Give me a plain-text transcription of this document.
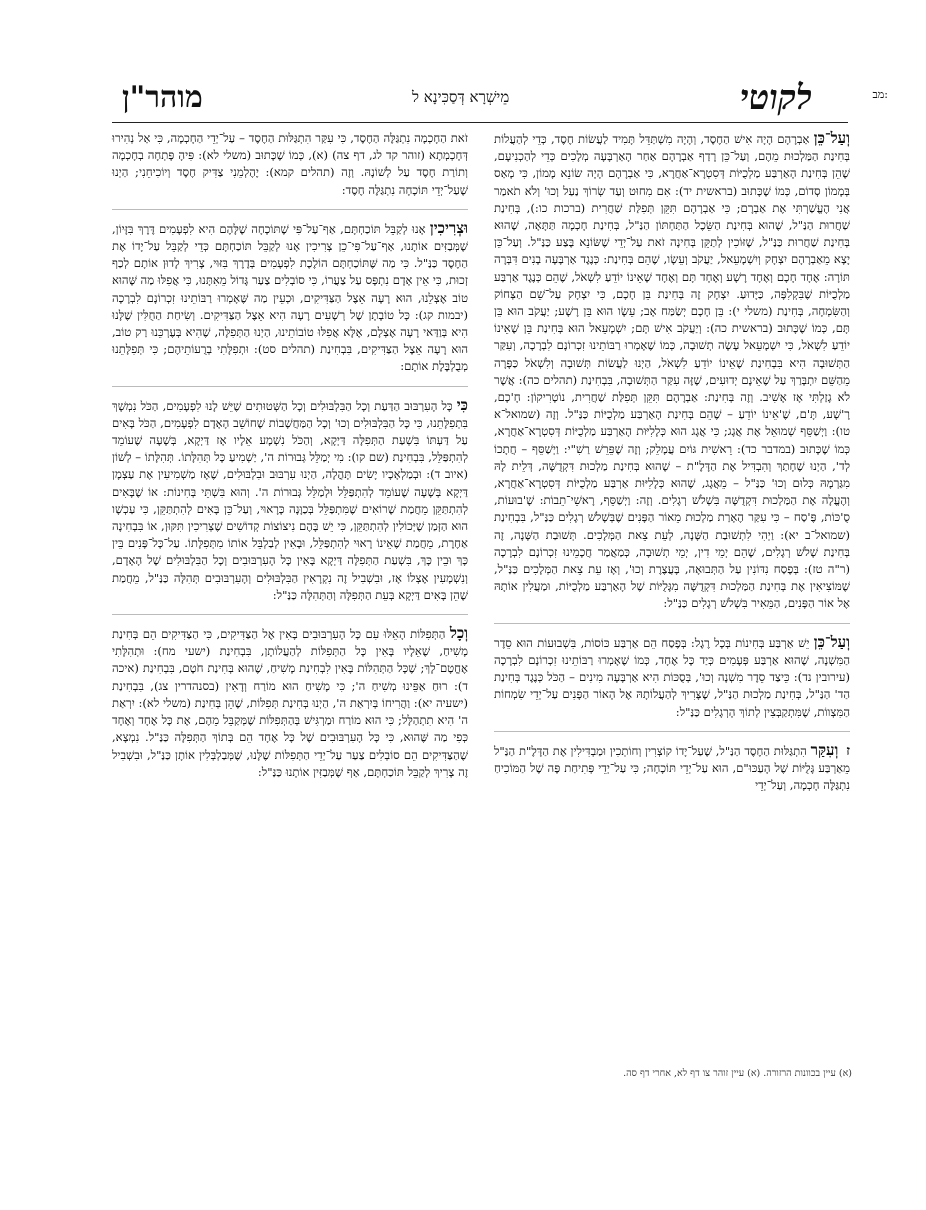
מב:
לקוטי
מֵישְׁרָא דְּסַכִּינָא ל
מוהר"ן

וְעַל־כֵּן אַבְרָהָם הָיָה אִישׁ הַחֶסֶד, וְהָיָה מִשְׁתַּדֵּל תָּמִיד לַעֲשׂוֹת חֶסֶד, כְּדֵי לְהַעֲלוֹת בְּחִינַת הַמַּלְכוּת מֵהֶם, וְעַל־כֵּן רָדַף אַבְרָהָם אַחַר הָאַרְבָּעָה מְלָכִים כְּדֵי לְהַכְנִיעָם, שֶׁהֵן בְּחִינַת הָאַרְבַּע מַלְכֻיּוֹת דְּסִטְרָא־אַחֲרָא, כִּי אַבְרָהָם הָיָה שׂוֹנֵא מָמוֹן, כִּי מָאַס בְּמָמוֹן סְדוֹם, כְּמוֹ שֶׁכָּתוּב (בראשית יד): אִם מִחוּט וְעַד שְׂרוֹךְ נַעַל וְכוּ' וְלֹא תֹאמַר אֲנִי הֶעֱשַׁרְתִּי אֶת אַבְרָם; כִּי אַבְרָהָם תִּקֵּן תְּפִלַּת שַׁחֲרִית (ברכות כו:), בְּחִינַת שַׁחֲרוּת הַנַּ"ל, שֶׁהוּא בְּחִינַת הַשֵּׂכֶל הַתַּחְתּוֹן הַנַּ"ל, בְּחִינַת חָכְמָה תַּתָּאָה, שֶׁהוּא בְּחִינַת שַׁחֲרוּת כַּנַּ"ל, שֶׁזּוֹכִין לְתַקֵּן בְּחִינָה זֹאת עַל־יְדֵי שֶׁשּׂוֹנֵא בֶּצַע כַּנַּ"ל. וְעַל־כֵּן יָצָא מֵאַבְרָהָם יִצְחָק וְיִשְׁמָעֵאל, יַעֲקֹב וְעֵשָׂו, שֶׁהֵם בְּחִינַת: כְּנֶגֶד אַרְבָּעָה בָנִים דִּבְּרָה תּוֹרָה: אֶחָד חָכָם וְאֶחָד רָשָׁע וְאֶחָד תָּם וְאֶחָד שֶׁאֵינוֹ יוֹדֵעַ לִשְׁאֹל, שֶׁהֵם כְּנֶגֶד אַרְבַּע מַלְכֻיּוֹת שֶׁבִּקְלִפָּה, כַּיָּדוּעַ. יִצְחָק זֶה בְּחִינַת בֵּן חָכָם, כִּי יִצְחָק עַל־שֵׁם הַצְּחוֹק וְהַשִּׂמְחָה, בְּחִינַת (משלי י): בֵּן חָכָם יְשַׂמַּח אָב; עֵשָׂו הוּא בֵּן רָשָׁע; יַעֲקֹב הוּא בֵּן תָּם, כְּמוֹ שֶׁכָּתוּב (בראשית כה): וְיַעֲקֹב אִישׁ תָּם; יִשְׁמָעֵאל הוּא בְּחִינַת בֵּן שֶׁאֵינוֹ יוֹדֵעַ לִשְׁאֹל, כִּי יִשְׁמָעֵאל עָשָׂה תְשׁוּבָה, כְּמוֹ שֶׁאָמְרוּ רַבּוֹתֵינוּ זִכְרוֹנָם לִבְרָכָה, וְעִקַּר הַתְּשׁוּבָה הִיא בִּבְחִינַת שֶׁאֵינוֹ יוֹדֵעַ לִשְׁאֹל, הַיְנוּ לַעֲשׂוֹת תְּשׁוּבָה וְלִשְׁאֹל כַּפָּרָה מֵהַשֵּׁם יִתְבָּרַךְ עַל שֶׁאֵינָם יְדוּעִים, שֶׁזֶּה עִקַּר הַתְּשׁוּבָה, בִּבְחִינַת (תהלים כה): אֲשֶׁר לֹא גָזַלְתִּי אָז אָשִׁיב. וְזֶה בְּחִינַת: אַבְרָהָם תִּקֵּן תְּפִלַּת שַׁחֲרִית, נוֹטָרִיקוֹן: חָ'כָם, רָ'שָׁע, תָּ'ם, שֶׁ'אֵינוֹ יוֹדֵעַ – שֶׁהֵם בְּחִינַת הָאַרְבַּע מַלְכֻיּוֹת כַּנַּ"ל. וְזֶה (שמואל־א טו): וַיְשַׁסֵּף שְׁמוּאֵל אֶת אֲגָג; כִּי אֲגָג הוּא כְּלָלִיּוּת הָאַרְבַּע מַלְכֻיּוֹת דְּסִטְרָא־אַחֲרָא, כְּמוֹ שֶׁכָּתוּב (במדבר כד): רֵאשִׁית גּוֹיִם עֲמָלֵק; וְזֶה שֶׁפֵּרֵשׁ רַשִׁ"י: וַיְשַׁסֵּף – חֲתָכוֹ לְד', הַיְנוּ שֶׁחָתַךְ וְהִבְדִּיל אֶת הַדָּלֶ"ת – שֶׁהוּא בְּחִינַת מַלְכוּת דִּקְדֻשָּׁה, דְּלֵית לָהּ מִגַּרְמָהּ כְּלוּם וְכוּ' כַּנַּ"ל – מֵאֲגָג, שֶׁהוּא כְּלָלִיּוּת אַרְבַּע מַלְכֻיּוֹת דְּסִטְרָא־אַחֲרָא, וְהֶעֱלָה אֶת הַמַּלְכוּת דִּקְדֻשָּׁה בִּשְׁלֹשׁ רְגָלִים. וְזֶה: וַיְשַׁסֵּף, רָאשֵׁי־תֵבוֹת: שָׁ'בוּעוֹת, סֻ'כּוֹת, פֶּ'סַח – כִּי עִקַּר הֶאָרַת מַלְכוּת מֵאוֹר הַפָּנִים שֶׁבְּשָׁלֹשׁ רְגָלִים כַּנַּ"ל, בִּבְחִינַת (שמואל־ב יא): וַיְהִי לִתְשׁוּבַת הַשָּׁנָה, לְעֵת צֵאת הַמְּלָכִים. תְּשׁוּבַת הַשָּׁנָה, זֶה בְּחִינַת שָׁלֹשׁ רְגָלִים, שֶׁהֵם יְמֵי דִין, יְמֵי תְשׁוּבָה, כְּמַאֲמַר חֲכָמֵינוּ זִכְרוֹנָם לִבְרָכָה (ר"ה טז): בְּפֶסַח נִדּוֹנִין עַל הַתְּבוּאָה, בָּעֲצֶרֶת וְכוּ', וְאָז עֵת צֵאת הַמְּלָכִים כַּנַּ"ל, שֶׁמּוֹצִיאִין אֶת בְּחִינַת הַמַּלְכוּת דִּקְדֻשָּׁה מִגָּלֻיּוֹת שֶׁל הָאַרְבַּע מַלְכֻיּוֹת, וּמַעֲלִין אוֹתָהּ אֶל אוֹר הַפָּנִים, הַמֵּאִיר בִּשְׁלֹשׁ רְגָלִים כַּנַּ"ל:

וְעַל־כֵּן יֵשׁ אַרְבַּע בְּחִינוֹת בְּכָל רֶגֶל: בְּפֶסַח הֵם אַרְבַּע כּוֹסוֹת, בִּשְׁבוּעוֹת הוּא סֵדֶר הַמִּשְׁנָה, שֶׁהוּא אַרְבַּע פְּעָמִים כְּיַד כָּל אֶחָד, כְּמוֹ שֶׁאָמְרוּ רַבּוֹתֵינוּ זִכְרוֹנָם לִבְרָכָה (עירובין נד): כֵּיצַד סֵדֶר מִשְׁנָה וְכוּ', בְּסֻכּוֹת הִיא אַרְבָּעָה מִינִים – הַכֹּל כְּנֶגֶד בְּחִינַת הַד' הַנַּ"ל, בְּחִינַת מַלְכוּת הַנַּ"ל, שֶׁצָּרִיךְ לְהַעֲלוֹתָהּ אֶל הָאוֹר הַפָּנִים עַל־יְדֵי שִׂמְחוֹת הַמִּצְווֹת, שֶׁמִּתְקַבְּצִין לְתוֹךְ הָרְגָלִים כַּנַּ"ל:

ז וְעִקַּר הִתְגַּלּוּת הַחֶסֶד הַנַּ"ל, שֶׁעַל־יָדוֹ קוֹצְרִין וְחוֹתְכִין וּמַבְדִּילִין אֶת הַדָּלֶ"ת הַנַּ"ל מֵאַרְבַּע גָּלֻיּוֹת שֶׁל הָעַכּוּ"ם, הוּא עַל־יְדֵי תּוֹכָחָה; כִּי עַל־יְדֵי פְּתִיחַת פֶּה שֶׁל הַמּוֹכִיחַ נִתְגַּלֶּה חָכְמָה, וְעַל־יְדֵי

זֹאת הַחָכְמָה נִתְגַּלֶּה הַחֶסֶד, כִּי עִקַּר הִתְגַּלּוּת הַחֶסֶד – עַל־יְדֵי הַחָכְמָה, כִּי אַל נְהִירוּ דְּחָכְמְתָא (זוהר קד לג, דף צה) (א), כְּמוֹ שֶׁכָּתוּב (משלי לא): פִּיהָ פָּתְחָה בְחָכְמָה וְתוֹרַת חֶסֶד עַל לְשׁוֹנָהּ. וְזֶה (תהלים קמא): יֶהֶלְמֵנִי צַדִּיק חֶסֶד וְיוֹכִיחֵנִי; הַיְנוּ שֶׁעַל־יְדֵי תּוֹכָחָה נִתְגַּלֶּה חֶסֶד:

וּצְרִיכִין אָנוּ לְקַבֵּל תּוֹכַחְתָּם, אַף־עַל־פִּי שֶׁתּוֹכָחָה שֶׁלָּהֶם הִיא לִפְעָמִים דֶּרֶךְ בִּזָּיוֹן, שֶׁמְּבַזִּים אוֹתָנוּ, אַף־עַל־פִּי־כֵן צְרִיכִין אָנוּ לְקַבֵּל תּוֹכַחְתָּם כְּדֵי לְקַבֵּל עַל־יָדוֹ אֶת הַחֶסֶד כַּנַּ"ל. כִּי מַה שֶּׁתּוֹכַחְתָּם הוֹלֶכֶת לִפְעָמִים בְּדֶרֶךְ בִּזּוּי, צָרִיךְ לָדוּן אוֹתָם לְכַף זְכוּת, כִּי אֵין אָדָם נִתְפָּס עַל צַעֲרוֹ, כִּי סוֹבְלִים צַעַר גָּדוֹל מֵאִתָּנוּ, כִּי אֲפִלּוּ מַה שֶּׁהוּא טוֹב אֶצְלֵנוּ, הוּא רָעָה אֵצֶל הַצַּדִּיקִים, וּכְעֵין מַה שֶּׁאָמְרוּ רַבּוֹתֵינוּ זִכְרוֹנָם לִבְרָכָה (יבמות קג): כָּל טוֹבָתָן שֶׁל רְשָׁעִים רָעָה הִיא אֵצֶל הַצַּדִּיקִים. וְשִׂיחַת הַחֻלִּין שֶׁלָּנוּ הִיא בְּוַדַּאי רָעָה אֶצְלָם, אֶלָּא אֲפִלּוּ טוֹבוֹתֵינוּ, הַיְנוּ הַתְּפִלָּה, שֶׁהִיא בְּעֶרְכֵּנוּ רַק טוֹב, הוּא רָעָה אֵצֶל הַצַּדִּיקִים, בִּבְחִינַת (תהלים סט): וּתְפִלָּתִי בְרֻעוֹתֵיהֶם; כִּי תְּפִלָּתֵנוּ מְבֻלְבֶּלֶת אוֹתָם:

כִּי כָּל הָעִרְבּוּב הַדַּעַת וְכָל הַבִּלְבּוּלִים וְכָל הַשְּׁטוּתִים שֶׁיֵּשׁ לָנוּ לִפְעָמִים, הַכֹּל נִמְשָׁךְ בִּתְפִלָּתֵנוּ, כִּי כָּל הַבִּלְבּוּלִים וְכוּ' וְכָל הַמַּחֲשָׁבוֹת שֶׁחוֹשֵׁב הָאָדָם לִפְעָמִים, הַכֹּל בָּאִים עַל דַּעְתּוֹ בִּשְׁעַת הַתְּפִלָּה דַּיְקָא, וְהַכֹּל נִשְׁמָע אֵלָיו אָז דַּיְקָא, בְּשָׁעָה שֶׁעוֹמֵד לְהִתְפַּלֵּל, בִּבְחִינַת (שם קו): מִי יְמַלֵּל גְּבוּרוֹת ה', יַשְׁמִיעַ כָּל תְּהִלָּתוֹ. תְּהִלָּתוֹ – לְשׁוֹן (איוב ד): וּבְמַלְאָכָיו יָשִׂים תָּהֳלָה, הַיְנוּ עִרְבּוּב וּבִלְבּוּלִים, שֶׁאָז מַשְׁמִיעִין אֶת עַצְמָן דַּיְקָא בְּשָׁעָה שֶׁעוֹמֵד לְהִתְפַּלֵּל וּלְמַלֵּל גְּבוּרוֹת ה'. וְהוּא בִּשְׁתֵּי בְּחִינוֹת: אוֹ שֶׁבָּאִים לְהִתְתַּקֵּן מֵחֲמַת שֶׁרוֹאִים שֶׁמִּתְפַּלֵּל בְּכַוָּנָה כָּרָאוּי, וְעַל־כֵּן בָּאִים לְהִתְתַּקֵּן, כִּי עַכְשָׁו הוּא הַזְּמַן שֶׁיְּכוֹלִין לְהִתְתַּקֵּן, כִּי יֵשׁ בָּהֶם נִיצוֹצוֹת קְדוֹשִׁים שֶׁצְּרִיכִין תִּקּוּן, אוֹ בִּבְחִינָה אַחֶרֶת, מֵחֲמַת שֶׁאֵינוֹ רָאוּי לְהִתְפַּלֵּל, וּבָאִין לְבַלְבֵּל אוֹתוֹ מִתְּפִלָּתוֹ. עַל־כָּל־פָּנִים בֵּין כָּךְ וּבֵין כָּךְ, בִּשְׁעַת הַתְּפִלָּה דַּיְקָא בָּאִין כָּל הָעִרְבּוּבִים וְכָל הַבִּלְבּוּלִים שֶׁל הָאָדָם, וְנִשְׁמָעִין אֶצְלוֹ אָז, וּבִשְׁבִיל זֶה נִקְרָאִין הַבִּלְבּוּלִים וְהָעִרְבּוּבִים תְּהִלָּה כַּנַּ"ל, מֵחֲמַת שֶׁהֵן בָּאִים דַּיְקָא בְּעֵת הַתְּפִלָּה וְהַתְּהִלָּה כַּנַּ"ל:

וְכָל הַתְּפִלּוֹת הָאֵלּוּ עִם כָּל הָעִרְבּוּבִים בָּאִין אֶל הַצַּדִּיקִים, כִּי הַצַּדִּיקִים הֵם בְּחִינַת מָשִׁיחַ, שֶׁאֵלָיו בָּאִין כָּל הַתְּפִלּוֹת לְהַעֲלוֹתָן, בִּבְחִינַת (ישעי מח): וּתְהִלָּתִי אֶחֱטָם־לָךְ; שֶׁכָּל הַתְּהִלּוֹת בָּאִין לִבְחִינַת מָשִׁיחַ, שֶׁהוּא בְּחִינַת חֹטֶם, בִּבְחִינַת (איכה ד): רוּחַ אַפֵּינוּ מְשִׁיחַ ה'; כִּי מָשִׁיחַ הוּא מוֹרַח וְדָאִין (בסנהדרין צג), בִּבְחִינַת (ישעיה יא): וַהֲרִיחוֹ בְּיִרְאַת ה', הַיְנוּ בְּחִינַת תְּפִלּוֹת, שֶׁהֵן בְּחִינַת (משלי לא): יִרְאַת ה' הִיא תִתְהַלָּל; כִּי הוּא מוֹרַח וּמַרְגִּישׁ בְּהַתְּפִלּוֹת שֶׁמְּקַבֵּל מֵהֶם, אֶת כָּל אֶחָד וְאֶחָד כְּפִי מַה שֶּׁהוּא, כִּי כָּל הָעִרְבּוּבִים שֶׁל כָּל אֶחָד הֵם בְּתוֹךְ הַתְּפִלָּה כַּנַּ"ל. נִמְצָא, שֶׁהַצַּדִּיקִים הֵם סוֹבְלִים צַעַר עַל־יְדֵי הַתְּפִלּוֹת שֶׁלָּנוּ, שֶׁמְּבַלְבְּלִין אוֹתָן כַּנַּ"ל, וּבִשְׁבִיל זֶה צָרִיךְ לְקַבֵּל תּוֹכַחְתָּם, אַף שֶׁמְּבַזִּין אוֹתָנוּ כַּנַּ"ל:

(א) עיין בכוונות הרזורה. (א) עיין זוהר צו דף לא, אחרי דף סה.
